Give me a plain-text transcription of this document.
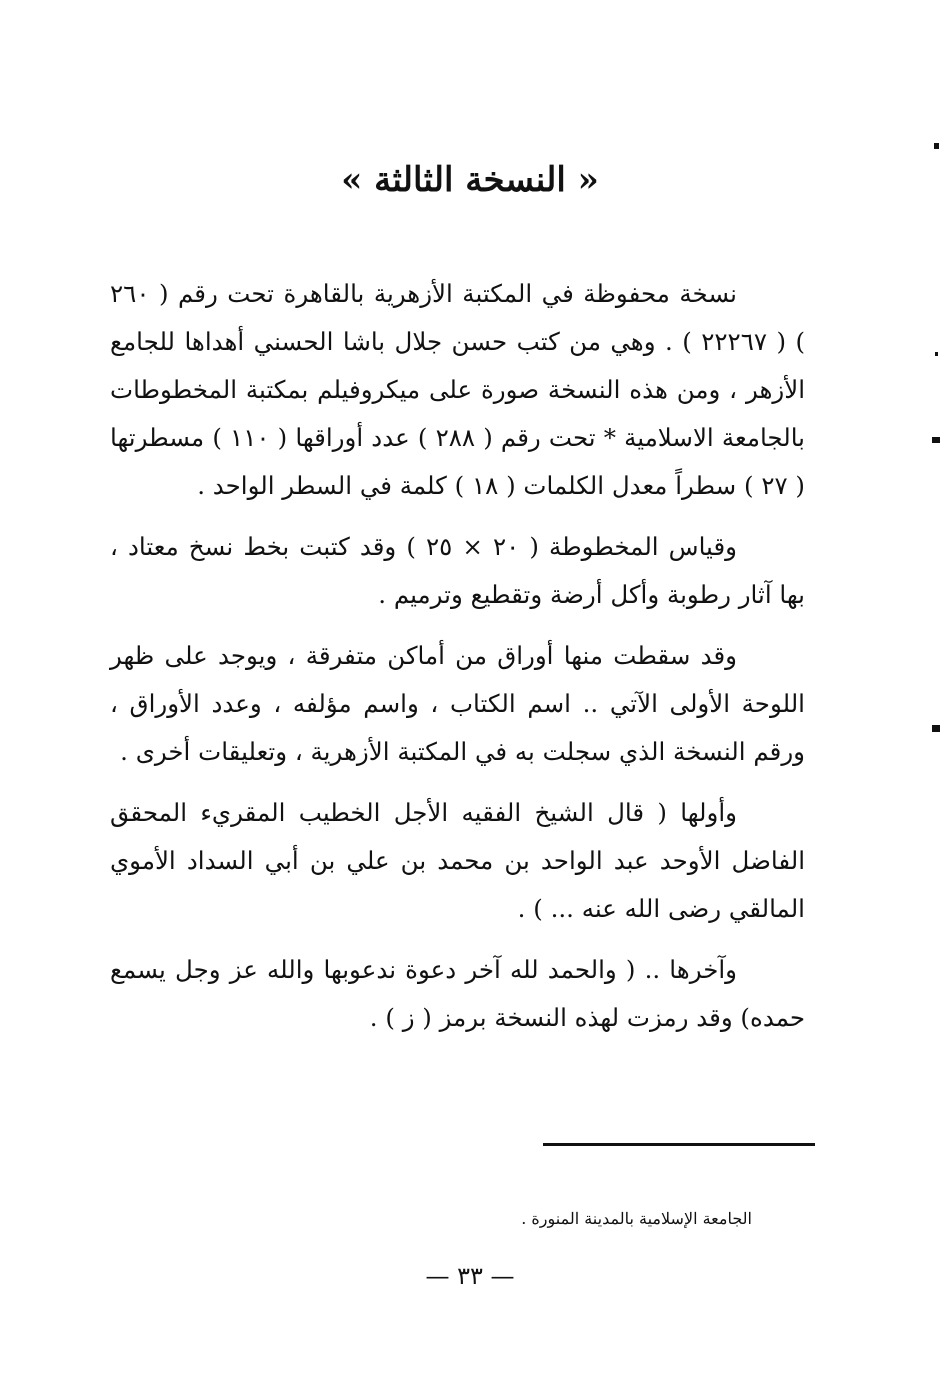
« النسخة الثالثة »

نسخة محفوظة في المكتبة الأزهرية بالقاهرة تحت رقم ( ٢٦٠ ) ( ٢٢٢٦٧ ) . وهي من كتب حسن جلال باشا الحسني أهداها للجامع الأزهر ، ومن هذه النسخة صورة على ميكروفيلم بمكتبة المخطوطات بالجامعة الاسلامية * تحت رقم ( ٢٨٨ ) عدد أوراقها ( ١١٠ ) مسطرتها ( ٢٧ ) سطراً معدل الكلمات ( ١٨ ) كلمة في السطر الواحد .

وقياس المخطوطة ( ٢٠ × ٢٥ ) وقد كتبت بخط نسخ معتاد ، بها آثار رطوبة وأكل أرضة وتقطيع وترميم .

وقد سقطت منها أوراق من أماكن متفرقة ، ويوجد على ظهر اللوحة الأولى الآتي .. اسم الكتاب ، واسم مؤلفه ، وعدد الأوراق ، ورقم النسخة الذي سجلت به في المكتبة الأزهرية ، وتعليقات أخرى .

وأولها ( قال الشيخ الفقيه الأجل الخطيب المقريء المحقق الفاضل الأوحد عبد الواحد بن محمد بن علي بن أبي السداد الأموي المالقي رضى الله عنه ... ) .

وآخرها .. ( والحمد لله آخر دعوة ندعوبها والله عز وجل يسمع حمده) وقد رمزت لهذه النسخة برمز ( ز ) .

الجامعة الإسلامية بالمدينة المنورة .
— ٣٣ —
